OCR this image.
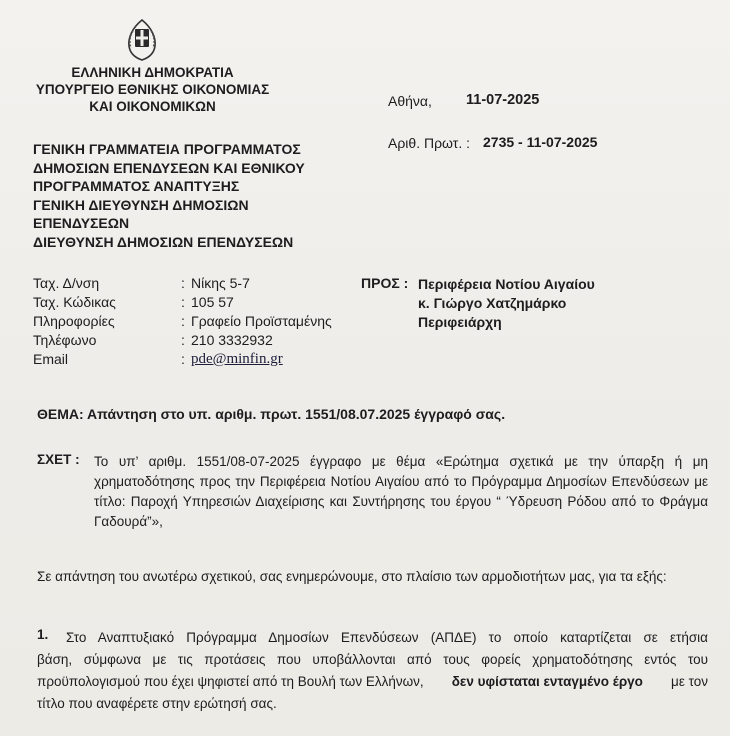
ΕΛΛΗΝΙΚΗ ΔΗΜΟΚΡΑΤΙΑ
ΥΠΟΥΡΓΕΙΟ ΕΘΝΙΚΗΣ ΟΙΚΟΝΟΜΙΑΣ
ΚΑΙ ΟΙΚΟΝΟΜΙΚΩΝ
ΓΕΝΙΚΗ ΓΡΑΜΜΑΤΕΙΑ ΠΡΟΓΡΑΜΜΑΤΟΣ
ΔΗΜΟΣΙΩΝ ΕΠΕΝΔΥΣΕΩΝ ΚΑΙ ΕΘΝΙΚΟΥ
ΠΡΟΓΡΑΜΜΑΤΟΣ ΑΝΑΠΤΥΞΗΣ
ΓΕΝΙΚΗ ΔΙΕΥΘΥΝΣΗ ΔΗΜΟΣΙΩΝ
ΕΠΕΝΔΥΣΕΩΝ
ΔΙΕΥΘΥΝΣΗ ΔΗΜΟΣΙΩΝ ΕΠΕΝΔΥΣΕΩΝ
Αθήνα, 11-07-2025
Αριθ. Πρωτ. : 2735 - 11-07-2025
Ταχ. Δ/νση	: Νίκης 5-7
Ταχ. Κώδικας	: 105 57
Πληροφορίες	: Γραφείο Προϊσταμένης
Τηλέφωνο	: 210 3332932
Email	: pde@minfin.gr
ΠΡΟΣ : Περιφέρεια Νοτίου Αιγαίου
κ. Γιώργο Χατζημάρκο
Περιφειάρχη
ΘΕΜΑ: Απάντηση στο υπ. αριθμ. πρωτ. 1551/08.07.2025 έγγραφό σας.
ΣΧΕΤ : Το υπ’ αριθμ. 1551/08-07-2025 έγγραφο με θέμα «Ερώτημα σχετικά με την ύπαρξη ή μη χρηματοδότησης προς την Περιφέρεια Νοτίου Αιγαίου από το Πρόγραμμα Δημοσίων Επενδύσεων με τίτλο: Παροχή Υπηρεσιών Διαχείρισης και Συντήρησης του έργου “ Ύδρευση Ρόδου από το Φράγμα Γαδουρά”»,
Σε απάντηση του ανωτέρω σχετικού, σας ενημερώνουμε, στο πλαίσιο των αρμοδιοτήτων μας, για τα εξής:
1. Στο Αναπτυξιακό Πρόγραμμα Δημοσίων Επενδύσεων (ΑΠΔΕ) το οποίο καταρτίζεται σε ετήσια
βάση, σύμφωνα με τις προτάσεις που υποβάλλονται από τους φορείς χρηματοδότησης εντός του
προϋπολογισμού που έχει ψηφιστεί από τη Βουλή των Ελλήνων, δεν υφίσταται ενταγμένο έργο με τον
τίτλο που αναφέρετε στην ερώτησή σας.
